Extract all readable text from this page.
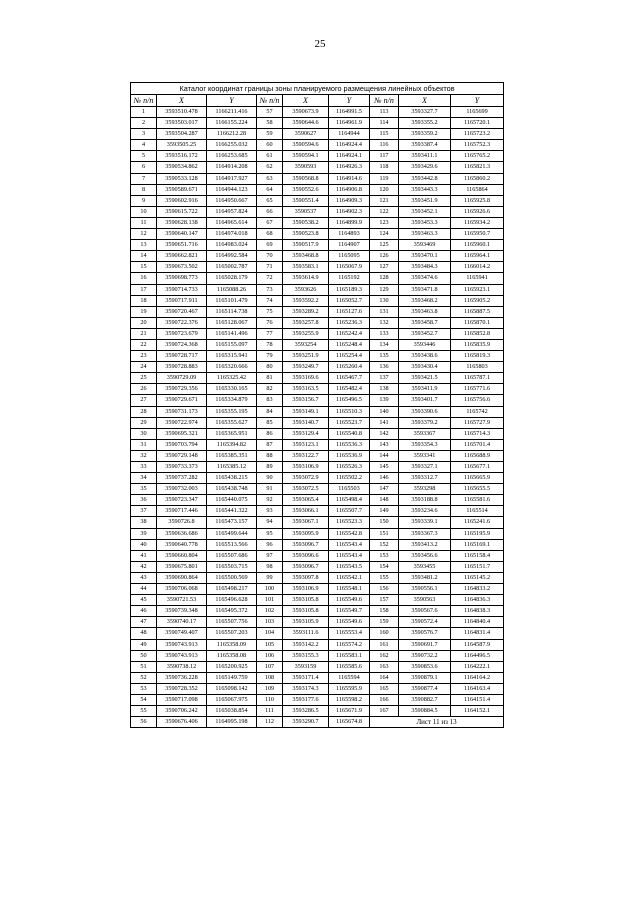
25
Каталог координат границы зоны планируемого размещения линейных объектов								
№ п/п	X	Y	№ п/п	X	Y	№ п/п	X	Y
1	3593510.478	1166211.416	57	3590673.9	1164991.5	113	3593327.7	1165699
2	3593503.017	1166155.224	58	3590644.6	1164961.9	114	3593355.2	1165720.1
3	3593504.287	1166212.28	59	3590627	1164944	115	3593359.2	1165723.2
4	3593505.25	1166255.032	60	3590594.6	1164924.4	116	3593387.4	1165752.3
5	3593516.172	1166253.685	61	3590594.1	1164924.1	117	3593411.1	1165765.2
6	3590534.862	1164914.208	62	3590593	1164926.3	118	3593429.6	1165821.3
7	3590533.128	1164917.927	63	3590568.8	1164914.6	119	3593442.8	1165860.2
8	3590589.671	1164944.123	64	3590552.6	1164906.8	120	3593443.3	1165864
9	3590602.916	1164950.667	65	3590551.4	1164909.3	121	3593451.9	1165925.8
10	3590615.722	1164957.824	66	3590537	1164902.3	122	3593452.1	1165926.6
11	3590628.138	1164965.614	67	3590538.2	1164899.9	123	3593453.3	1165934.2
12	3590640.147	1164974.018	68	3590523.8	1164893	124	3593463.3	1165950.7
13	3590651.716	1164983.024	69	3590517.9	1164907	125	3593469	1165960.1
14	3590662.821	1164992.584	70	3593468.8	1165095	126	3593470.1	1165964.1
15	3590673.502	1165002.787	71	3593583.1	1165067.9	127	3593484.3	1166014.2
16	3590698.773	1165028.179	72	3593614.9	1165192	128	3593474.6	1165941
17	3590714.733	1165088.26	73	3593626	1165189.3	129	3593471.8	1165923.1
18	3590717.911	1165101.479	74	3593592.2	1165052.7	130	3593468.2	1165905.2
19	3590720.467	1165114.738	75	3593289.2	1165127.6	131	3593463.8	1165887.5
20	3590722.376	1165128.067	76	3593257.8	1165236.3	132	3593458.7	1165870.1
21	3590723.679	1165141.496	77	3593255.9	1165242.4	133	3593452.7	1165852.8
22	3590724.368	1165155.097	78	3593254	1165248.4	134	3593446	1165835.9
23	3590728.717	1165315.941	79	3593251.9	1165254.4	135	3593438.6	1165819.3
24	3590728.883	1165320.666	80	3593249.7	1165260.4	136	3593430.4	1165803
25	3590729.09	1165325.42	81	3593169.6	1165467.7	137	3593421.5	1165787.1
26	3590729.356	1165330.165	82	3593163.5	1165482.4	138	3593411.9	1165771.6
27	3590729.671	1165334.879	83	3593156.7	1165496.5	139	3593401.7	1165756.6
28	3590731.173	1165355.195	84	3593149.1	1165510.3	140	3593390.6	1165742
29	3590722.974	1165355.627	85	3593140.7	1165523.7	141	3593379.2	1165727.9
30	3590695.321	1165365.951	86	3593129.4	1165540.8	142	3593367	1165714.3
31	3590703.794	1165394.82	87	3593123.1	1165536.3	143	3593354.3	1165701.4
32	3590729.148	1165385.351	88	3593122.7	1165536.9	144	3593341	1165688.9
33	3590733.373	1165385.12	89	3593106.9	1165526.3	145	3593327.1	1165677.1
34	3590737.282	1165438.215	90	3593072.9	1165502.2	146	3593312.7	1165665.9
35	3590732.003	1165438.748	91	3593072.5	1165503	147	3593298	1165655.5
36	3590723.347	1165440.075	92	3593065.4	1165498.4	148	3593188.8	1165581.6
37	3590717.446	1165441.322	93	3593066.1	1165507.7	149	3593234.6	1165514
38	3590726.8	1165473.157	94	3593067.1	1165523.3	150	3593339.1	1165241.6
39	3590636.686	1165499.644	95	3593095.9	1165542.8	151	3593367.3	1165195.9
40	3590640.778	1165513.566	96	3593096.7	1165543.4	152	3593413.2	1165169.1
41	3590660.804	1165507.686	97	3593096.6	1165543.4	153	3593456.6	1165158.4
42	3590675.801	1165503.715	98	3593096.7	1165543.5	154	3593455	1165151.7
43	3590690.864	1165500.569	99	3593097.8	1165542.1	155	3593481.2	1165145.2
44	3590706.068	1165498.217	100	3593106.9	1165548.1	156	3590556.1	1164833.2
45	3590721.53	1165496.628	101	3593105.8	1165549.6	157	3590563	1164836.3
46	3590739.348	1165495.372	102	3593105.8	1165549.7	158	3590567.6	1164838.3
47	3590740.17	1165507.756	103	3593105.9	1165549.6	159	3590572.4	1164840.4
48	3590749.407	1165507.203	104	3593111.6	1165553.4	160	3590576.7	1164831.4
49	3590743.913	1165358.09	105	3593142.2	1165574.2	161	3590691.7	1164587.9
50	3590743.913	1165358.08	106	3593155.3	1165583.1	162	3590732.2	1164496.5
51	3590738.12	1165200.925	107	3593159	1165585.6	163	3590853.6	1164222.1
52	3590736.228	1165149.759	108	3593171.4	1165594	164	3590879.1	1164164.2
53	3590728.352	1165098.142	109	3593174.3	1165595.9	165	3590877.4	1164163.4
54	3590717.098	1165067.975	110	3593177.6	1165598.2	166	3590882.7	1164151.4
55	3590706.242	1165038.854	111	3593286.5	1165671.9	167	3590884.5	1164152.1
56	3590676.406	1164995.198	112	3593290.7	1165674.8	Лист 11 из 13		
